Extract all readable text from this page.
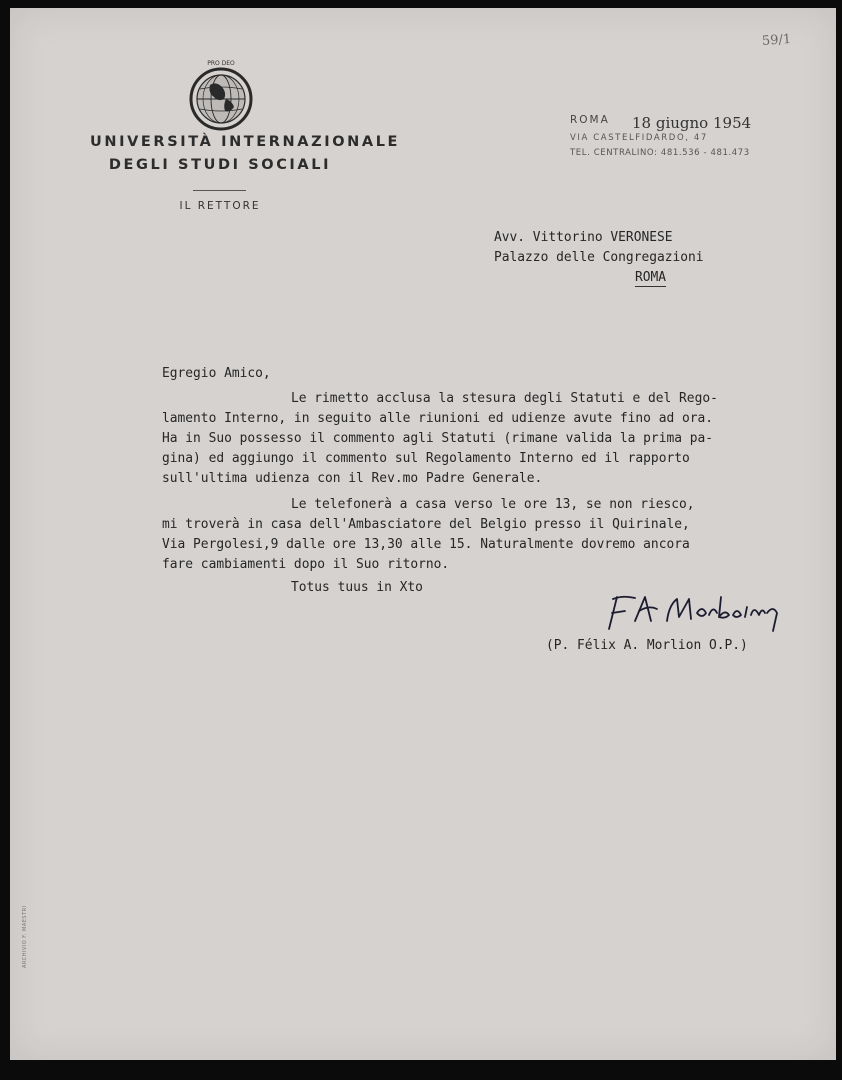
PRO DEO
UNIVERSITÀ INTERNAZIONALE
DEGLI STUDI SOCIALI
IL RETTORE
59/1
ROMA 18 giugno 1954
VIA CASTELFIDARDO, 47
TEL. CENTRALINO: 481.536 - 481.473
Avv. Vittorino VERONESE
Palazzo delle Congregazioni
ROMA
Egregio Amico,
Le rimetto acclusa la stesura degli Statuti e del Rego-
lamento Interno, in seguito alle riunioni ed udienze avute fino ad ora.
Ha in Suo possesso il commento agli Statuti (rimane valida la prima pa-
gina) ed aggiungo il commento sul Regolamento Interno ed il rapporto
sull'ultima udienza con il Rev.mo Padre Generale.
Le telefonerà a casa verso le ore 13, se non riesco,
mi troverà in casa dell'Ambasciatore del Belgio presso il Quirinale,
Via Pergolesi,9 dalle ore 13,30 alle 15. Naturalmente dovremo ancora
fare cambiamenti dopo il Suo ritorno.
Totus tuus in Xto
(P. Félix A. Morlion O.P.)
ARCHIVIO F. MAESTRI
